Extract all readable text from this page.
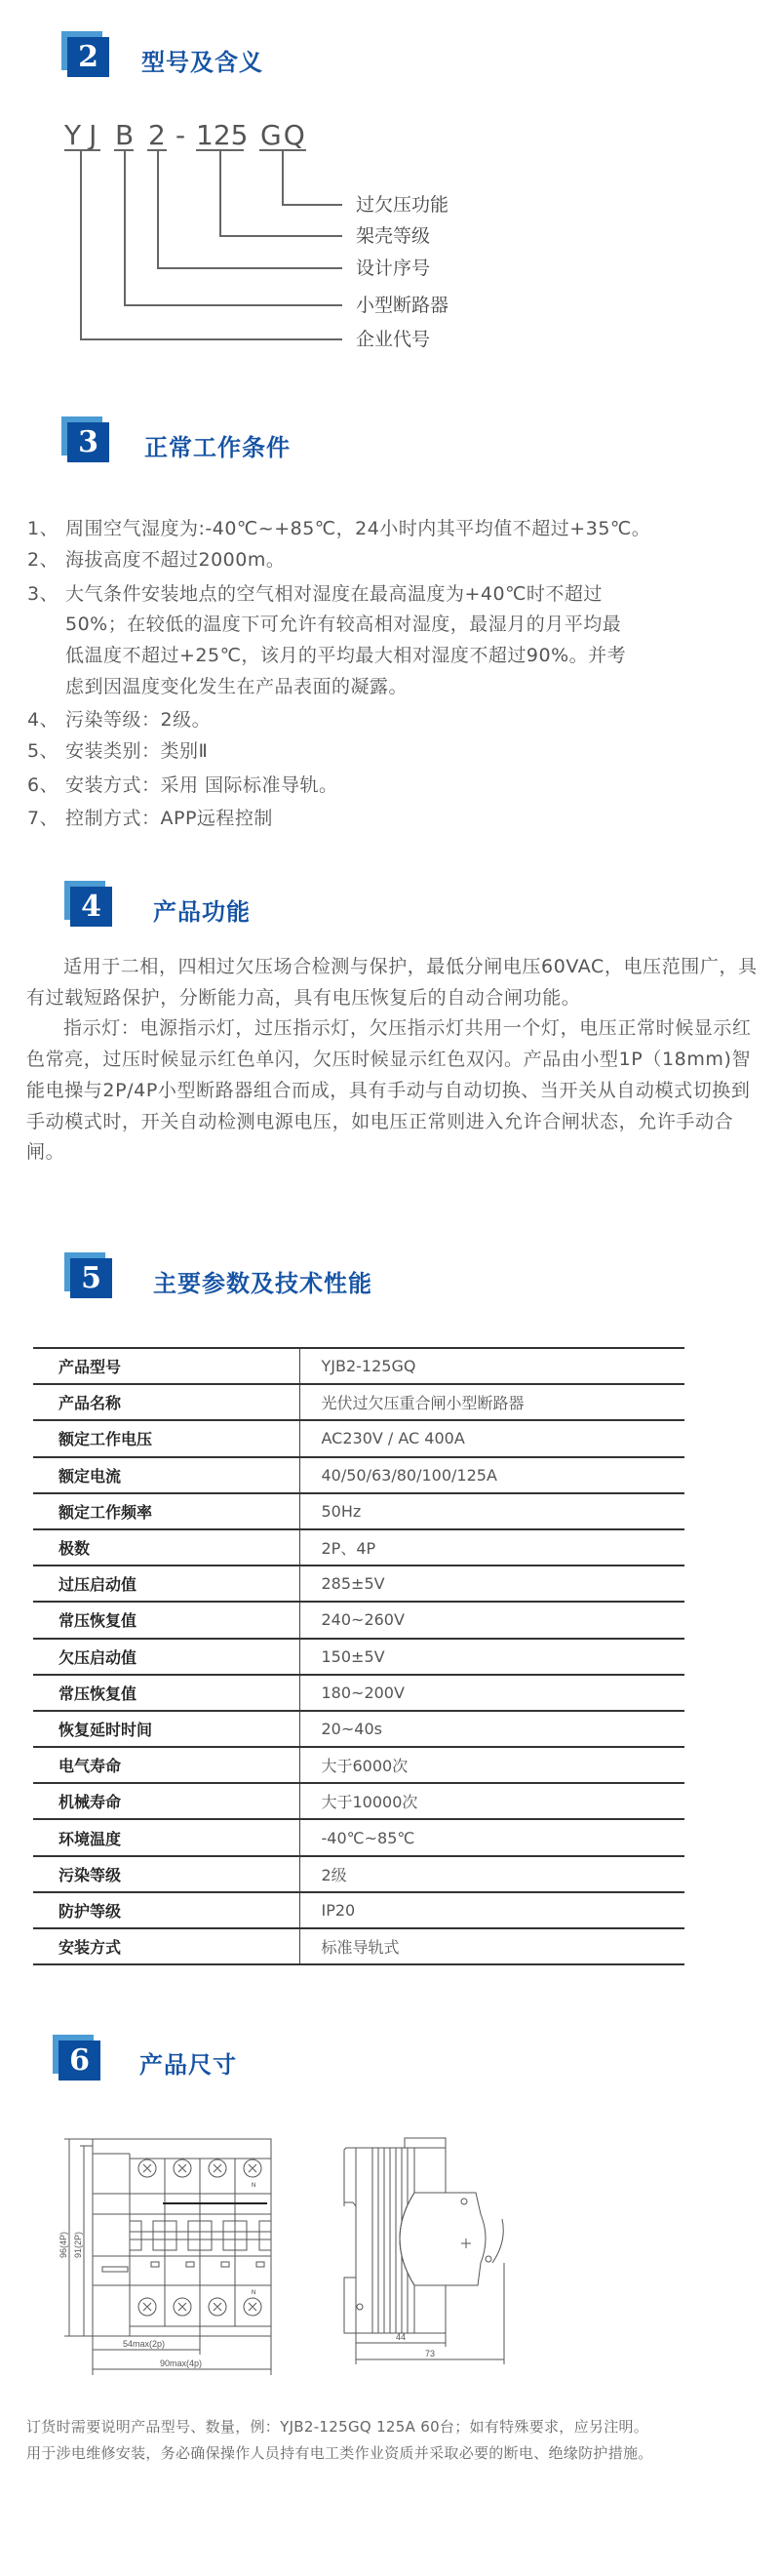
2	型号及含义
YJ B 2 - 125 GQ
过欠压功能
架壳等级
设计序号
小型断路器
企业代号
3	正常工作条件
1、 周围空气湿度为:-40℃~+85℃，24小时内其平均值不超过+35℃。
2、 海拔高度不超过2000m。
3、 大气条件安装地点的空气相对湿度在最高温度为+40℃时不超过
50%；在较低的温度下可允许有较高相对湿度，最湿月的月平均最
低温度不超过+25℃，该月的平均最大相对湿度不超过90%。并考
虑到因温度变化发生在产品表面的凝露。
4、 污染等级：2级。
5、 安装类别：类别Ⅱ
6、 安装方式：采用 国际标准导轨。
7、 控制方式：APP远程控制
4	产品功能

适用于二相，四相过欠压场合检测与保护，最低分闸电压60VAC，电压范围广，具有过载短路保护，分断能力高，具有电压恢复后的自动合闸功能。

指示灯：电源指示灯，过压指示灯，欠压指示灯共用一个灯，电压正常时候显示红色常亮，过压时候显示红色单闪，欠压时候显示红色双闪。产品由小型1P（18mm)智能电操与2P/4P小型断路器组合而成，具有手动与自动切换、当开关从自动模式切换到手动模式时，开关自动检测电源电压，如电压正常则进入允许合闸状态，允许手动合闸。

5	主要参数及技术性能
产品型号	YJB2-125GQ
产品名称	光伏过欠压重合闸小型断路器
额定工作电压	AC230V / AC 400A
额定电流	40/50/63/80/100/125A
额定工作频率	50Hz
极数	2P、4P
过压启动值	285±5V
常压恢复值	240~260V
欠压启动值	150±5V
常压恢复值	180~200V
恢复延时时间	20~40s
电气寿命	大于6000次
机械寿命	大于10000次
环境温度	-40℃~85℃
污染等级	2级
防护等级	IP20
安装方式	标准导轨式
6	产品尺寸
N
N
96(4P) 91(2P)
54max(2p)
90max(4p)
44
73
订货时需要说明产品型号、数量，例：YJB2-125GQ 125A 60台；如有特殊要求，应另注明。
用于涉电维修安装，务必确保操作人员持有电工类作业资质并采取必要的断电、绝缘防护措施。
